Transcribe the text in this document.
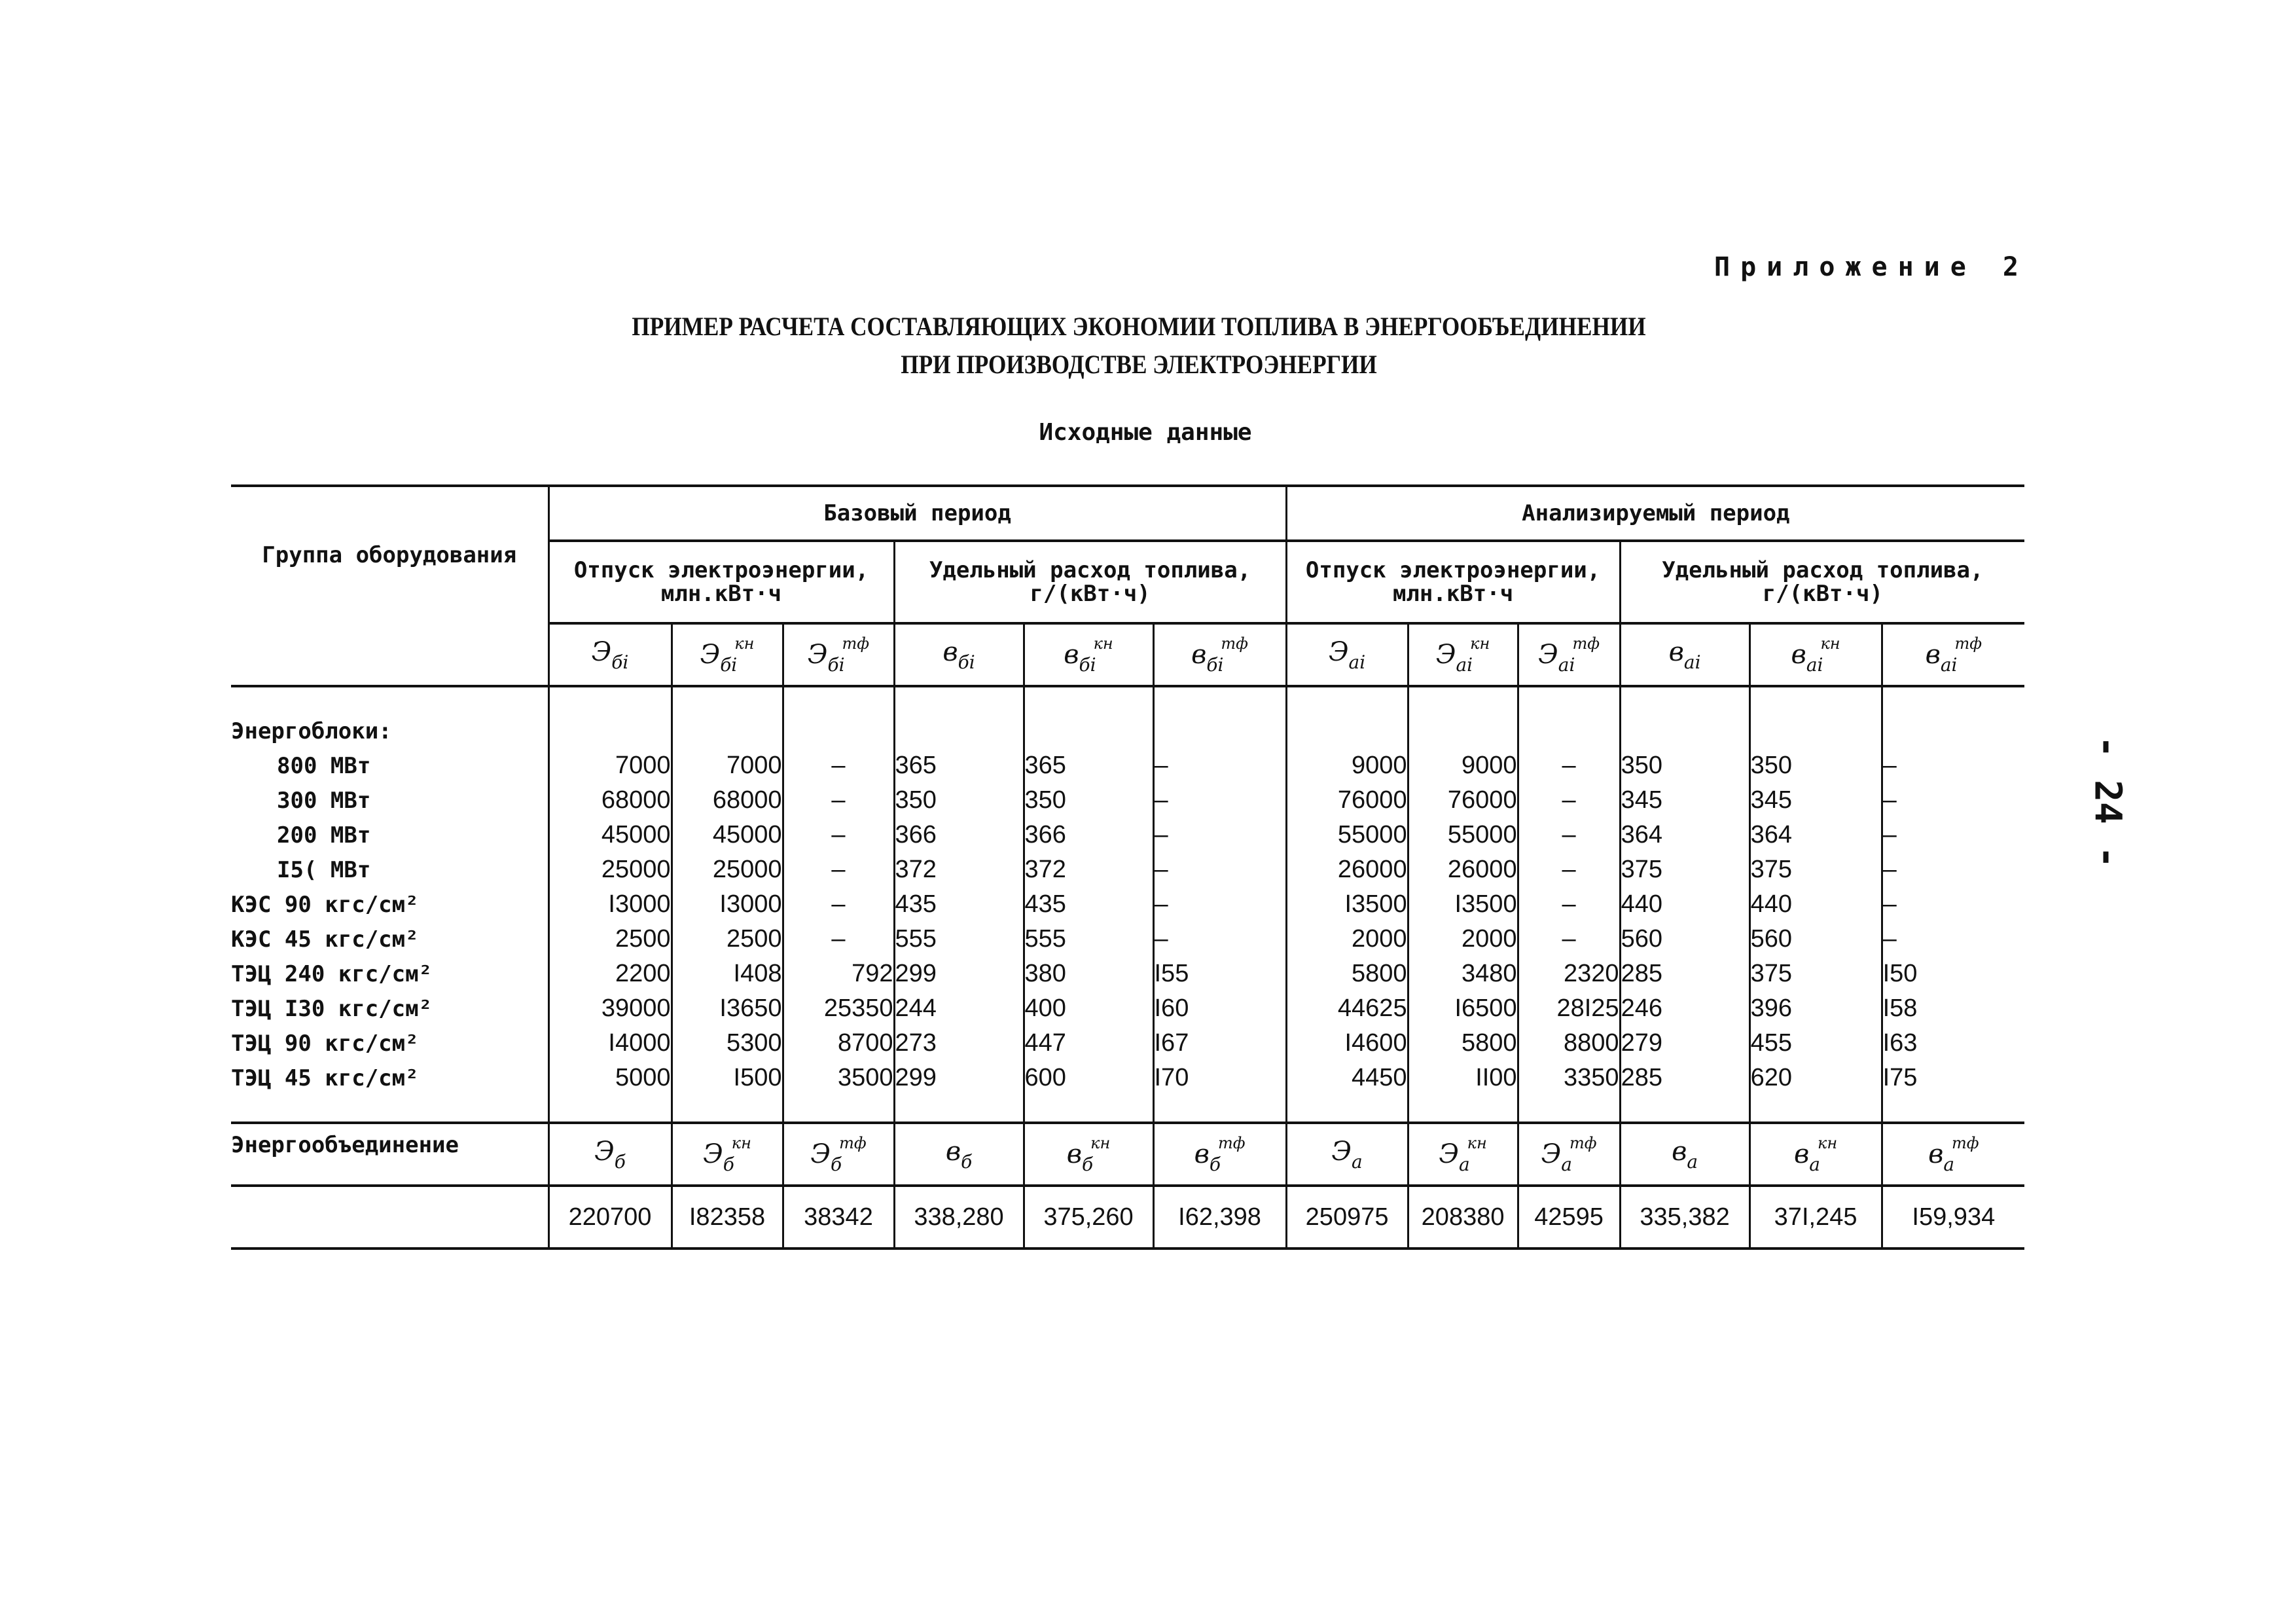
Приложение 2
ПРИМЕР РАСЧЕТА СОСТАВЛЯЮЩИХ ЭКОНОМИИ ТОПЛИВА В ЭНЕРГООБЪЕДИНЕНИИ
ПРИ ПРОИЗВОДСТВЕ ЭЛЕКТРОЭНЕРГИИ
Исходные данные
- 24 -
Группа оборудования	Базовый период						Анализируемый период					
	Отпуск электроэнергии, млн.кВт·ч			Удельный расход топлива, г/(кВт·ч)			Отпуск электроэнергии, млн.кВт·ч			Удельный расход топлива, г/(кВт·ч)		
	$Э_{бi}$	$Э_{бi}^{кн}$	$Э_{бi}^{тф}$	$в_{бi}$	$в_{бi}^{кн}$	$в_{бi}^{тф}$	$Э_{ai}$	$Э_{ai}^{кн}$	$Э_{ai}^{тф}$	$в_{ai}$	$в_{ai}^{кн}$	$в_{ai}^{тф}$

Энергоблоки:												
800 МВт	7000	7000	–	365	365	–	9000	9000	–	350	350	–
300 МВт	68000	68000	–	350	350	–	76000	76000	–	345	345	–
200 МВт	45000	45000	–	366	366	–	55000	55000	–	364	364	–
I5( МВт	25000	25000	–	372	372	–	26000	26000	–	375	375	–
КЭС 90 кгс/см²	I3000	I3000	–	435	435	–	I3500	I3500	–	440	440	–
КЭС 45 кгс/см²	2500	2500	–	555	555	–	2000	2000	–	560	560	–
ТЭЦ 240 кгс/см²	2200	I408	792	299	380	I55	5800	3480	2320	285	375	I50
ТЭЦ I30 кгс/см²	39000	I3650	25350	244	400	I60	44625	I6500	28I25	246	396	I58
ТЭЦ 90 кгс/см²	I4000	5300	8700	273	447	I67	I4600	5800	8800	279	455	I63
ТЭЦ 45 кгс/см²	5000	I500	3500	299	600	I70	4450	II00	3350	285	620	I75

Энергообъединение	$Э_б$	$Э_б^{кн}$	$Э_б^{тф}$	$в_б$	$в_б^{кн}$	$в_б^{тф}$	$Э_a$	$Э_a^{кн}$	$Э_a^{тф}$	$в_a$	$в_a^{кн}$	$в_a^{тф}$
	220700	I82358	38342	338,280	375,260	I62,398	250975	208380	42595	335,382	37I,245	I59,934
